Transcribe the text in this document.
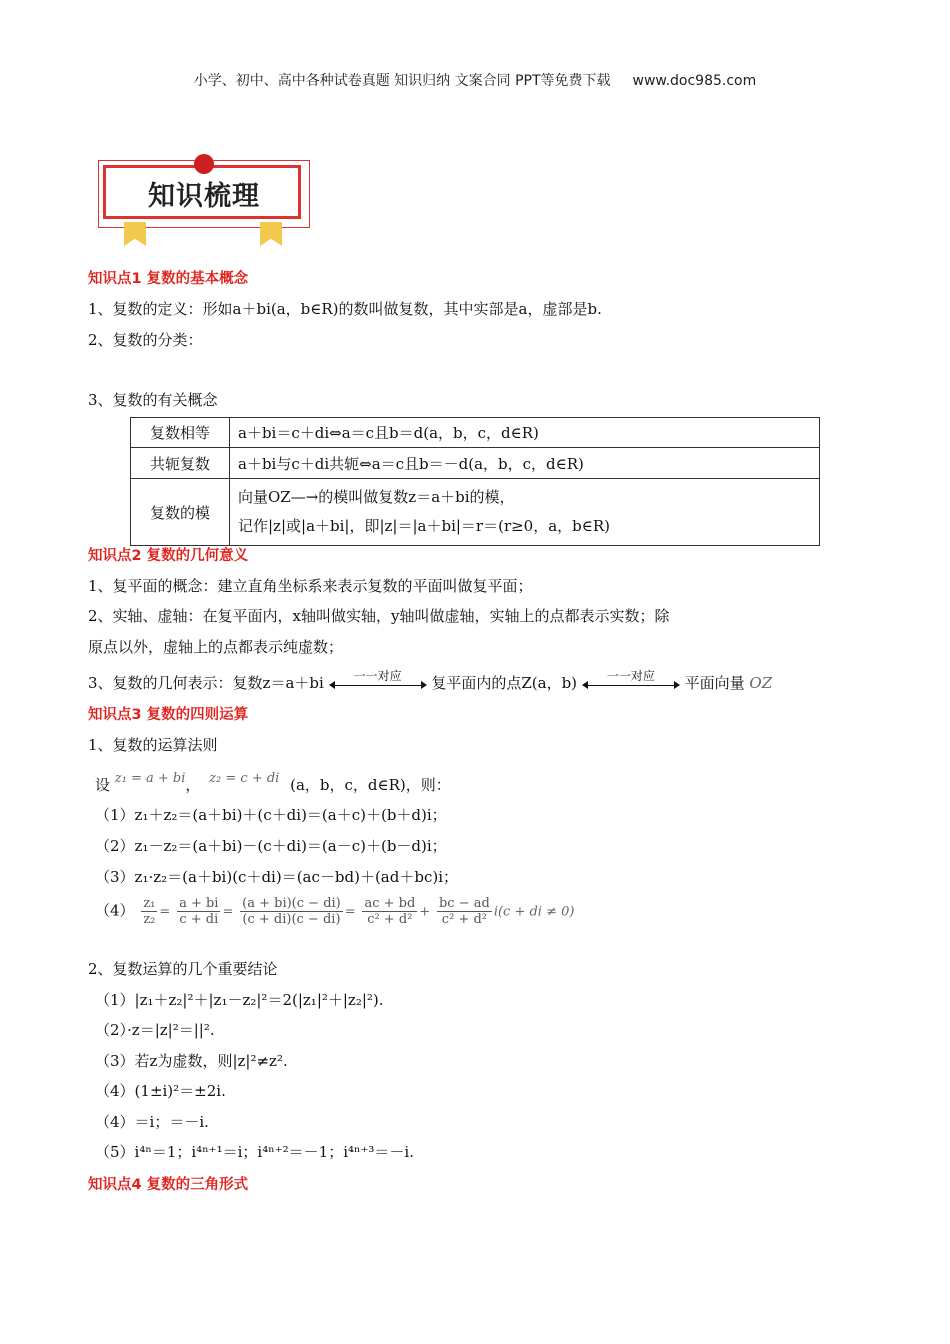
小学、初中、高中各种试卷真题 知识归纳 文案合同 PPT等免费下载 www.doc985.com
知识梳理
知识点1 复数的基本概念
1、复数的定义：形如a＋bi(a，b∈R)的数叫做复数，其中实部是a，虚部是b.
2、复数的分类：
3、复数的有关概念
复数相等	a＋bi＝c＋di⇔a＝c且b＝d(a，b，c，d∈R)
共轭复数	a＋bi与c＋di共轭⇔a＝c且b＝－d(a，b，c，d∈R)
复数的模	向量OZ—→的模叫做复数z＝a＋bi的模，
记作|z|或|a＋bi|，即|z|＝|a＋bi|＝r＝(r≥0，a，b∈R)
知识点2 复数的几何意义
1、复平面的概念：建立直角坐标系来表示复数的平面叫做复平面；
2、实轴、虚轴：在复平面内，x轴叫做实轴，y轴叫做虚轴，实轴上的点都表示实数；除
原点以外，虚轴上的点都表示纯虚数；
3、复数的几何表示：复数z＝a＋bi	一一对应	复平面内的点Z(a，b)	一一对应	平面向量 OZ
知识点3 复数的四则运算
1、复数的运算法则
设 z₁ = a + bi， z₂ = c + di (a，b，c，d∈R)，则：
（1）z₁＋z₂＝(a＋bi)＋(c＋di)＝(a＋c)＋(b＋d)i；
（2）z₁－z₂＝(a＋bi)－(c＋di)＝(a－c)＋(b－d)i；
（3）z₁·z₂＝(a＋bi)(c＋di)＝(ac－bd)＋(ad＋bc)i；
$(4) \frac{\text{z₁}}{\text{z₂}} = \frac{a + bi}{c + di} = \frac{(a + bi)(c - di)}{(c + di)(c - di)} = \frac{ac + bd}{\text{c² + d²}} + \frac{bc - ad}{\text{c² + d²}} i(c$ + di ≠ 0)
2、复数运算的几个重要结论
（1）|z₁＋z₂|²＋|z₁－z₂|²＝2(|z₁|²＋|z₂|²).
（2）·z＝|z|²＝||².
（3）若z为虚数，则|z|²≠z².
（4）(1±i)²＝±2i.
（4）＝i；＝－i.
（5）i⁴ⁿ＝1；i⁴ⁿ⁺¹＝i；i⁴ⁿ⁺²＝－1；i⁴ⁿ⁺³＝－i.
知识点4 复数的三角形式
